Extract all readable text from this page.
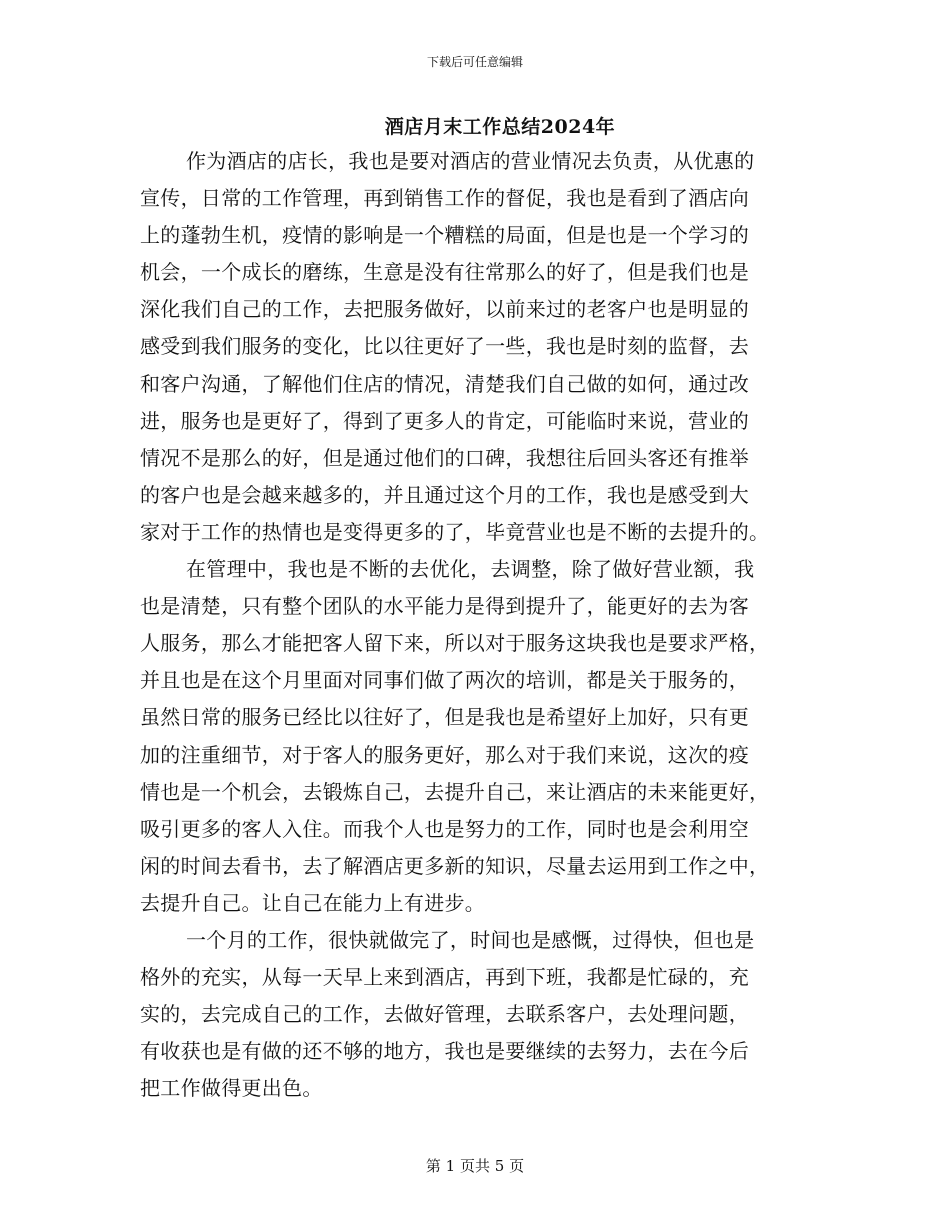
下载后可任意编辑
酒店月末工作总结2024年
作为酒店的店长，我也是要对酒店的营业情况去负责，从优惠的
宣传，日常的工作管理，再到销售工作的督促，我也是看到了酒店向
上的蓬勃生机，疫情的影响是一个糟糕的局面，但是也是一个学习的
机会，一个成长的磨练，生意是没有往常那么的好了，但是我们也是
深化我们自己的工作，去把服务做好，以前来过的老客户也是明显的
感受到我们服务的变化，比以往更好了一些，我也是时刻的监督，去
和客户沟通，了解他们住店的情况，清楚我们自己做的如何，通过改
进，服务也是更好了，得到了更多人的肯定，可能临时来说，营业的
情况不是那么的好，但是通过他们的口碑，我想往后回头客还有推举
的客户也是会越来越多的，并且通过这个月的工作，我也是感受到大
家对于工作的热情也是变得更多的了，毕竟营业也是不断的去提升的。
在管理中，我也是不断的去优化，去调整，除了做好营业额，我
也是清楚，只有整个团队的水平能力是得到提升了，能更好的去为客
人服务，那么才能把客人留下来，所以对于服务这块我也是要求严格，
并且也是在这个月里面对同事们做了两次的培训，都是关于服务的，
虽然日常的服务已经比以往好了，但是我也是希望好上加好，只有更
加的注重细节，对于客人的服务更好，那么对于我们来说，这次的疫
情也是一个机会，去锻炼自己，去提升自己，来让酒店的未来能更好，
吸引更多的客人入住。而我个人也是努力的工作，同时也是会利用空
闲的时间去看书，去了解酒店更多新的知识，尽量去运用到工作之中，
去提升自己。让自己在能力上有进步。
一个月的工作，很快就做完了，时间也是感慨，过得快，但也是
格外的充实，从每一天早上来到酒店，再到下班，我都是忙碌的，充
实的，去完成自己的工作，去做好管理，去联系客户，去处理问题，
有收获也是有做的还不够的地方，我也是要继续的去努力，去在今后
把工作做得更出色。
第 1 页共 5 页
